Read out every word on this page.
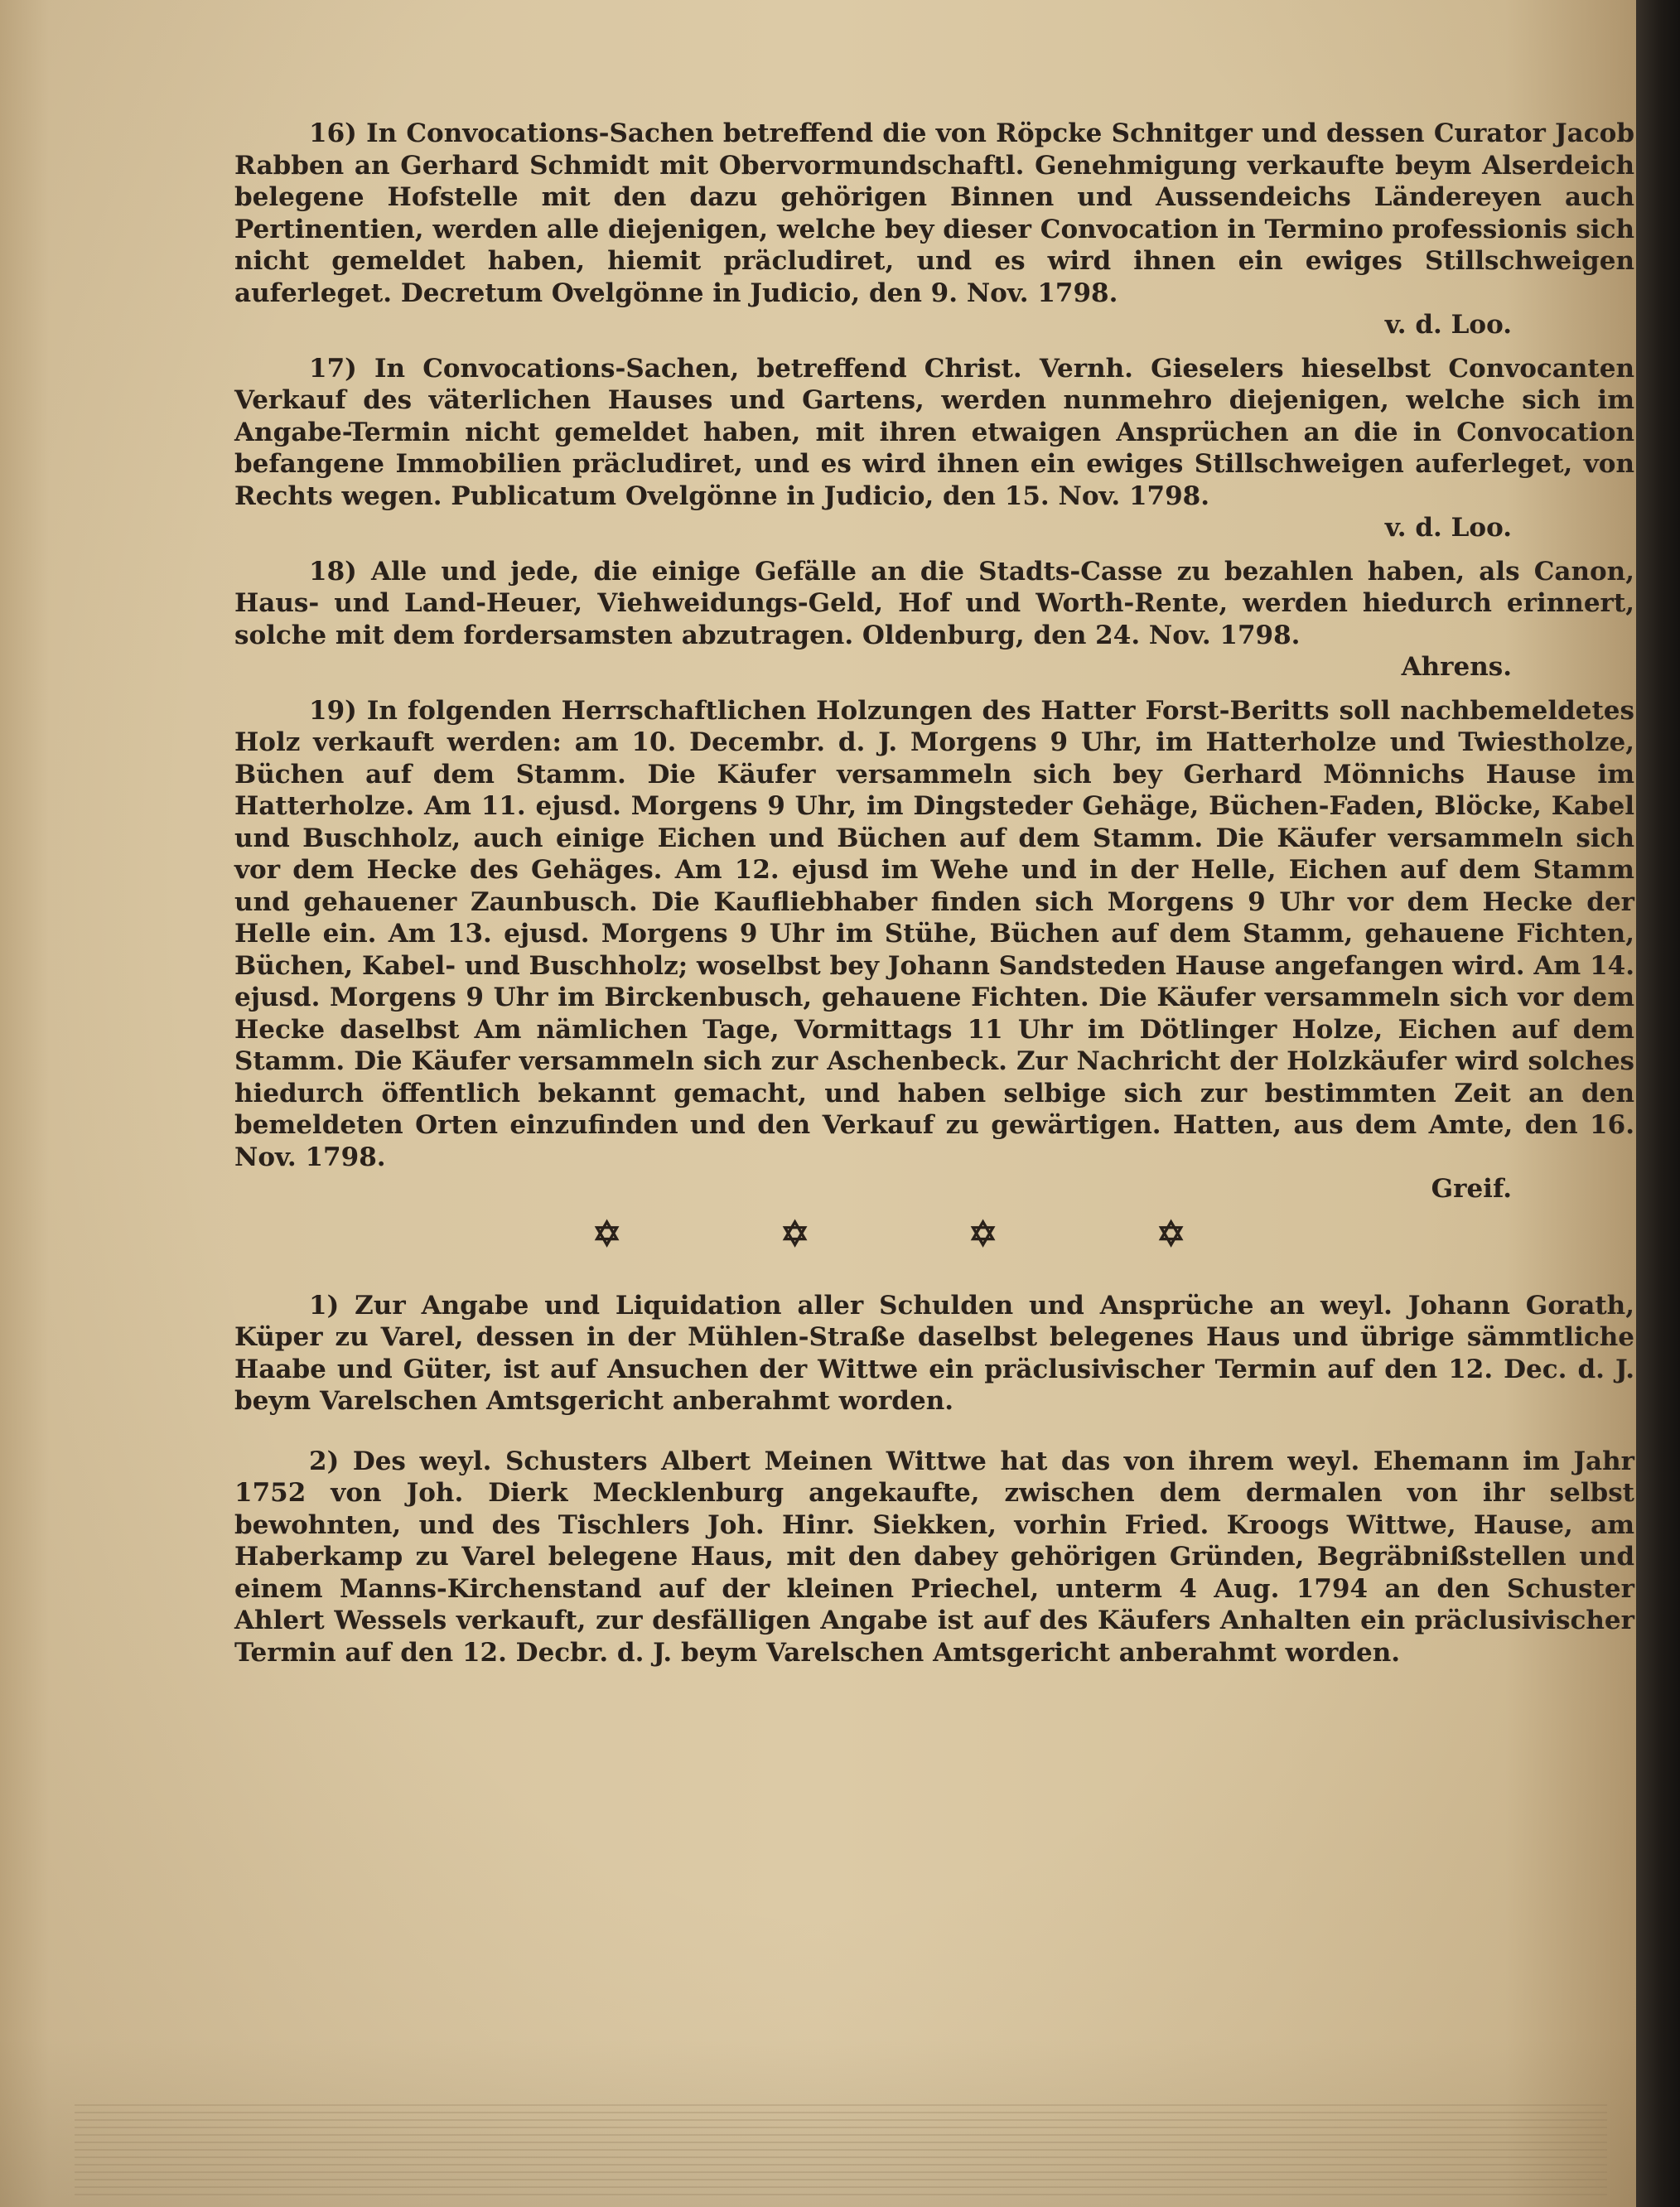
16) In Convocations-Sachen betreffend die von Röpcke Schnitger und dessen Curator Jacob Rabben an Gerhard Schmidt mit Obervormundschaftl. Genehmigung verkaufte beym Alserdeich belegene Hofstelle mit den dazu gehörigen Binnen und Aussendeichs Ländereyen auch Pertinentien, werden alle diejenigen, welche bey dieser Convocation in Termino professionis sich nicht gemeldet haben, hiemit präcludiret, und es wird ihnen ein ewiges Stillschweigen auferleget. Decretum Ovelgönne in Judicio, den 9. Nov. 1798.

v. d. Loo.

17) In Convocations-Sachen, betreffend Christ. Vernh. Gieselers hieselbst Convocanten Verkauf des väterlichen Hauses und Gartens, werden nunmehro diejenigen, welche sich im Angabe-Termin nicht gemeldet haben, mit ihren etwaigen Ansprüchen an die in Convocation befangene Immobilien präcludiret, und es wird ihnen ein ewiges Stillschweigen auferleget, von Rechts wegen. Publicatum Ovelgönne in Judicio, den 15. Nov. 1798.

v. d. Loo.

18) Alle und jede, die einige Gefälle an die Stadts-Casse zu bezahlen haben, als Canon, Haus- und Land-Heuer, Viehweidungs-Geld, Hof und Worth-Rente, werden hiedurch erinnert, solche mit dem fordersamsten abzutragen. Oldenburg, den 24. Nov. 1798.

Ahrens.

19) In folgenden Herrschaftlichen Holzungen des Hatter Forst-Beritts soll nachbemeldetes Holz verkauft werden: am 10. Decembr. d. J. Morgens 9 Uhr, im Hatterholze und Twiestholze, Büchen auf dem Stamm. Die Käufer versammeln sich bey Gerhard Mönnichs Hause im Hatterholze. Am 11. ejusd. Morgens 9 Uhr, im Dingsteder Gehäge, Büchen-Faden, Blöcke, Kabel und Buschholz, auch einige Eichen und Büchen auf dem Stamm. Die Käufer versammeln sich vor dem Hecke des Gehäges. Am 12. ejusd im Wehe und in der Helle, Eichen auf dem Stamm und gehauener Zaunbusch. Die Kaufliebhaber finden sich Morgens 9 Uhr vor dem Hecke der Helle ein. Am 13. ejusd. Morgens 9 Uhr im Stühe, Büchen auf dem Stamm, gehauene Fichten, Büchen, Kabel- und Buschholz; woselbst bey Johann Sandsteden Hause angefangen wird. Am 14. ejusd. Morgens 9 Uhr im Birckenbusch, gehauene Fichten. Die Käufer versammeln sich vor dem Hecke daselbst Am nämlichen Tage, Vormittags 11 Uhr im Dötlinger Holze, Eichen auf dem Stamm. Die Käufer versammeln sich zur Aschenbeck. Zur Nachricht der Holzkäufer wird solches hiedurch öffentlich bekannt gemacht, und haben selbige sich zur bestimmten Zeit an den bemeldeten Orten einzufinden und den Verkauf zu gewärtigen. Hatten, aus dem Amte, den 16. Nov. 1798.

Greif.

✡	✡	✡	✡

1) Zur Angabe und Liquidation aller Schulden und Ansprüche an weyl. Johann Gorath, Küper zu Varel, dessen in der Mühlen-Straße daselbst belegenes Haus und übrige sämmtliche Haabe und Güter, ist auf Ansuchen der Wittwe ein präclusivischer Termin auf den 12. Dec. d. J. beym Varelschen Amtsgericht anberahmt worden.

2) Des weyl. Schusters Albert Meinen Wittwe hat das von ihrem weyl. Ehemann im Jahr 1752 von Joh. Dierk Mecklenburg angekaufte, zwischen dem dermalen von ihr selbst bewohnten, und des Tischlers Joh. Hinr. Siekken, vorhin Fried. Kroogs Wittwe, Hause, am Haberkamp zu Varel belegene Haus, mit den dabey gehörigen Gründen, Begräbnißstellen und einem Manns-Kirchenstand auf der kleinen Priechel, unterm 4 Aug. 1794 an den Schuster Ahlert Wessels verkauft, zur desfälligen Angabe ist auf des Käufers Anhalten ein präclusivischer Termin auf den 12. Decbr. d. J. beym Varelschen Amtsgericht anberahmt worden.
